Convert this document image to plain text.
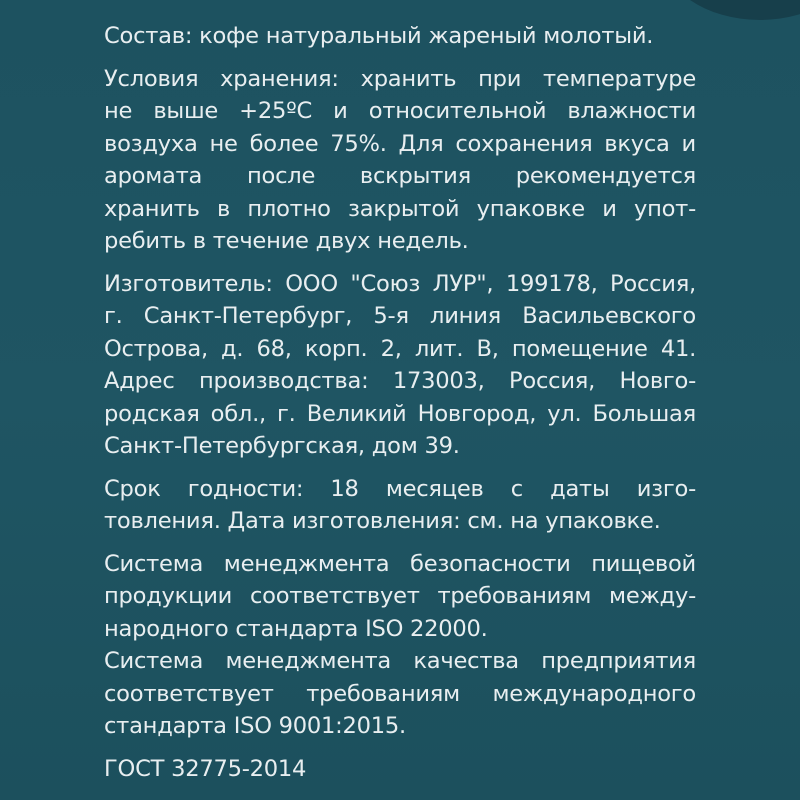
Состав: кофе натуральный жареный молотый.

Условия хранения: хранить при температуре
не выше +25ºС и относительной влажности
воздуха не более 75%. Для сохранения вкуса и
аромата после вскрытия рекомендуется
хранить в плотно закрытой упаковке и упот-
ребить в течение двух недель.

Изготовитель: ООО "Союз ЛУР", 199178, Россия,
г. Санкт-Петербург, 5-я линия Васильевского
Острова, д. 68, корп. 2, лит. В, помещение 41.
Адрес производства: 173003, Россия, Новго-
родская обл., г. Великий Новгород, ул. Большая
Санкт-Петербургская, дом 39.

Срок годности: 18 месяцев с даты изго-
товления. Дата изготовления: см. на упаковке.

Система менеджмента безопасности пищевой
продукции соответствует требованиям между-
народного стандарта ISO 22000.
Система менеджмента качества предприятия
соответствует требованиям международного
стандарта ISO 9001:2015.

ГОСТ 32775-2014
